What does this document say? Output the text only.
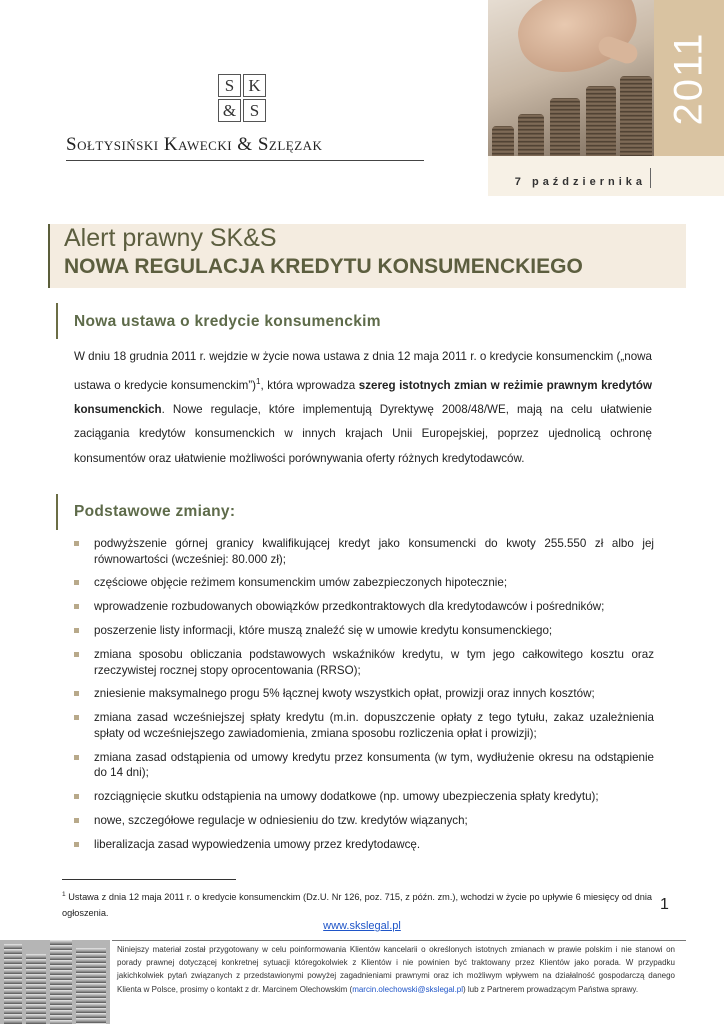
S K
& S
Sołtysiński Kawecki & Szlęzak
2011
7 października
Alert prawny SK&S
NOWA REGULACJA KREDYTU KONSUMENCKIEGO
Nowa ustawa o kredycie konsumenckim

W dniu 18 grudnia 2011 r. wejdzie w życie nowa ustawa z dnia 12 maja 2011 r. o kredycie konsumenckim („nowa ustawa o kredycie konsumenckim”)$^1$, która wprowadza szereg istotnych zmian w reżimie prawnym kredytów konsumenckich. Nowe regulacje, które implementują Dyrektywę 2008/48/WE, mają na celu ułatwienie zaciągania kredytów konsumenckich w innych krajach Unii Europejskiej, poprzez ujednolicą ochronę konsumentów oraz ułatwienie możliwości porównywania oferty różnych kredytodawców.

Podstawowe zmiany:
podwyższenie górnej granicy kwalifikującej kredyt jako konsumencki do kwoty 255.550 zł albo jej równowartości (wcześniej: 80.000 zł);
częściowe objęcie reżimem konsumenckim umów zabezpieczonych hipotecznie;
wprowadzenie rozbudowanych obowiązków przedkontraktowych dla kredytodawców i pośredników;
poszerzenie listy informacji, które muszą znaleźć się w umowie kredytu konsumenckiego;
zmiana sposobu obliczania podstawowych wskaźników kredytu, w tym jego całkowitego kosztu oraz rzeczywistej rocznej stopy oprocentowania (RRSO);
zniesienie maksymalnego progu 5% łącznej kwoty wszystkich opłat, prowizji oraz innych kosztów;
zmiana zasad wcześniejszej spłaty kredytu (m.in. dopuszczenie opłaty z tego tytułu, zakaz uzależnienia spłaty od wcześniejszego zawiadomienia, zmiana sposobu rozliczenia opłat i prowizji);
zmiana zasad odstąpienia od umowy kredytu przez konsumenta (w tym, wydłużenie okresu na odstąpienie do 14 dni);
rozciągnięcie skutku odstąpienia na umowy dodatkowe (np. umowy ubezpieczenia spłaty kredytu);
nowe, szczegółowe regulacje w odniesieniu do tzw. kredytów wiązanych;
liberalizacja zasad wypowiedzenia umowy przez kredytodawcę.

$^1$ Ustawa z dnia 12 maja 2011 r. o kredycie konsumenckim (Dz.U. Nr 126, poz. 715, z późn. zm.), wchodzi w życie po upływie 6 miesięcy od dnia ogłoszenia.

1
www.skslegal.pl

Niniejszy materiał został przygotowany w celu poinformowania Klientów kancelarii o określonych istotnych zmianach w prawie polskim i nie stanowi on porady prawnej dotyczącej konkretnej sytuacji któregokolwiek z Klientów i nie powinien być traktowany przez Klientów jako porada. W przypadku jakichkolwiek pytań związanych z przedstawionymi powyżej zagadnieniami prawnymi oraz ich możliwym wpływem na działalność gospodarczą danego Klienta w Polsce, prosimy o kontakt z dr. Marcinem Olechowskim (marcin.olechowski@skslegal.pl) lub z Partnerem prowadzącym Państwa sprawy.
